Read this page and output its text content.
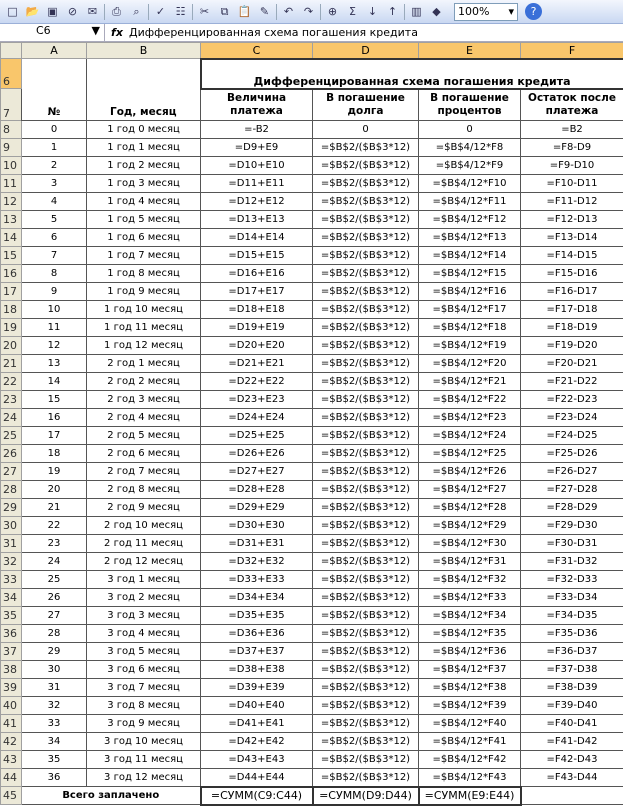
□ 📂 ▣ ⊘ ✉	⎙	⌕	✓ ☷	✂	⧉ 📋 ✎	↶ ↷	⊕	Σ	↓ ↑	▥ ◆	100% ▾	?
C6	▼	fx Дифференцированная схема погашения кредита
	A	B	C	D	E	F
6	№	Год, месяц	Дифференцированная схема погашения кредита			
7			Величина платежа	В погашение долга	В погашение процентов	Остаток после платежа
8	0	1 год 0 месяц	=-B2	0	0	=B2
9	1	1 год 1 месяц	=D9+E9	=$B$2/($B$3*12)	=$B$4/12*F8	=F8-D9
10	2	1 год 2 месяц	=D10+E10	=$B$2/($B$3*12)	=$B$4/12*F9	=F9-D10
11	3	1 год 3 месяц	=D11+E11	=$B$2/($B$3*12)	=$B$4/12*F10	=F10-D11
12	4	1 год 4 месяц	=D12+E12	=$B$2/($B$3*12)	=$B$4/12*F11	=F11-D12
13	5	1 год 5 месяц	=D13+E13	=$B$2/($B$3*12)	=$B$4/12*F12	=F12-D13
14	6	1 год 6 месяц	=D14+E14	=$B$2/($B$3*12)	=$B$4/12*F13	=F13-D14
15	7	1 год 7 месяц	=D15+E15	=$B$2/($B$3*12)	=$B$4/12*F14	=F14-D15
16	8	1 год 8 месяц	=D16+E16	=$B$2/($B$3*12)	=$B$4/12*F15	=F15-D16
17	9	1 год 9 месяц	=D17+E17	=$B$2/($B$3*12)	=$B$4/12*F16	=F16-D17
18	10	1 год 10 месяц	=D18+E18	=$B$2/($B$3*12)	=$B$4/12*F17	=F17-D18
19	11	1 год 11 месяц	=D19+E19	=$B$2/($B$3*12)	=$B$4/12*F18	=F18-D19
20	12	1 год 12 месяц	=D20+E20	=$B$2/($B$3*12)	=$B$4/12*F19	=F19-D20
21	13	2 год 1 месяц	=D21+E21	=$B$2/($B$3*12)	=$B$4/12*F20	=F20-D21
22	14	2 год 2 месяц	=D22+E22	=$B$2/($B$3*12)	=$B$4/12*F21	=F21-D22
23	15	2 год 3 месяц	=D23+E23	=$B$2/($B$3*12)	=$B$4/12*F22	=F22-D23
24	16	2 год 4 месяц	=D24+E24	=$B$2/($B$3*12)	=$B$4/12*F23	=F23-D24
25	17	2 год 5 месяц	=D25+E25	=$B$2/($B$3*12)	=$B$4/12*F24	=F24-D25
26	18	2 год 6 месяц	=D26+E26	=$B$2/($B$3*12)	=$B$4/12*F25	=F25-D26
27	19	2 год 7 месяц	=D27+E27	=$B$2/($B$3*12)	=$B$4/12*F26	=F26-D27
28	20	2 год 8 месяц	=D28+E28	=$B$2/($B$3*12)	=$B$4/12*F27	=F27-D28
29	21	2 год 9 месяц	=D29+E29	=$B$2/($B$3*12)	=$B$4/12*F28	=F28-D29
30	22	2 год 10 месяц	=D30+E30	=$B$2/($B$3*12)	=$B$4/12*F29	=F29-D30
31	23	2 год 11 месяц	=D31+E31	=$B$2/($B$3*12)	=$B$4/12*F30	=F30-D31
32	24	2 год 12 месяц	=D32+E32	=$B$2/($B$3*12)	=$B$4/12*F31	=F31-D32
33	25	3 год 1 месяц	=D33+E33	=$B$2/($B$3*12)	=$B$4/12*F32	=F32-D33
34	26	3 год 2 месяц	=D34+E34	=$B$2/($B$3*12)	=$B$4/12*F33	=F33-D34
35	27	3 год 3 месяц	=D35+E35	=$B$2/($B$3*12)	=$B$4/12*F34	=F34-D35
36	28	3 год 4 месяц	=D36+E36	=$B$2/($B$3*12)	=$B$4/12*F35	=F35-D36
37	29	3 год 5 месяц	=D37+E37	=$B$2/($B$3*12)	=$B$4/12*F36	=F36-D37
38	30	3 год 6 месяц	=D38+E38	=$B$2/($B$3*12)	=$B$4/12*F37	=F37-D38
39	31	3 год 7 месяц	=D39+E39	=$B$2/($B$3*12)	=$B$4/12*F38	=F38-D39
40	32	3 год 8 месяц	=D40+E40	=$B$2/($B$3*12)	=$B$4/12*F39	=F39-D40
41	33	3 год 9 месяц	=D41+E41	=$B$2/($B$3*12)	=$B$4/12*F40	=F40-D41
42	34	3 год 10 месяц	=D42+E42	=$B$2/($B$3*12)	=$B$4/12*F41	=F41-D42
43	35	3 год 11 месяц	=D43+E43	=$B$2/($B$3*12)	=$B$4/12*F42	=F42-D43
44	36	3 год 12 месяц	=D44+E44	=$B$2/($B$3*12)	=$B$4/12*F43	=F43-D44
45	Всего заплачено		=СУММ(C9:C44)	=СУММ(D9:D44)	=СУММ(E9:E44)	
